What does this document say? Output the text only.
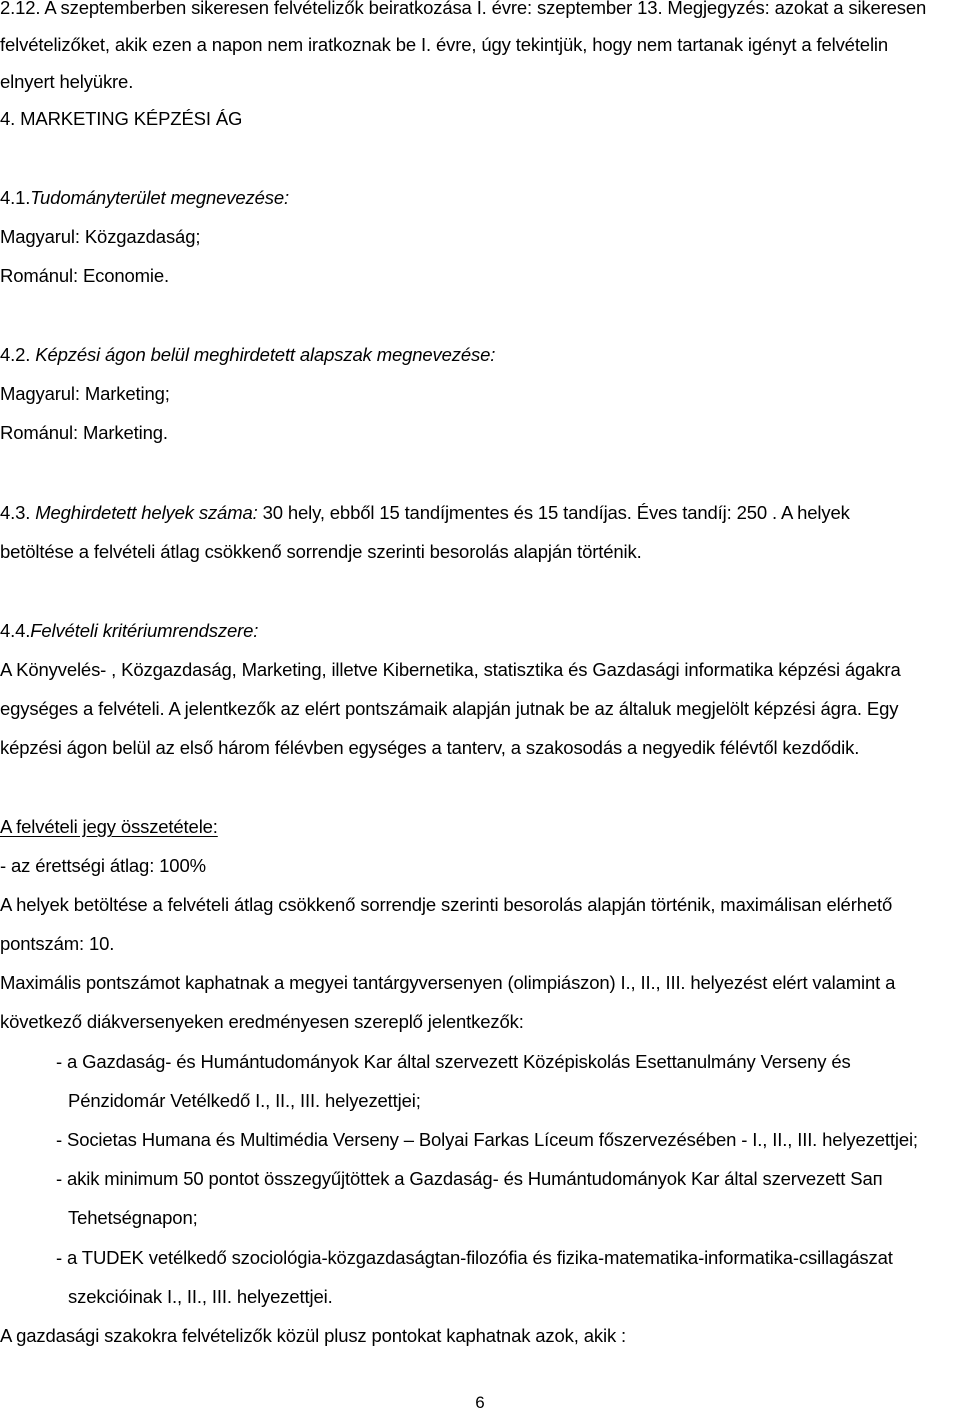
2.12. A szeptemberben sikeresen felvételizők beiratkozása I. évre: szeptember 13. Megjegyzés: azokat a sikeresen

felvételizőket, akik ezen a napon nem iratkoznak be I. évre, úgy tekintjük, hogy nem tartanak igényt a felvételin

elnyert helyükre.

4. MARKETING KÉPZÉSI ÁG

4.1.Tudományterület megnevezése:

Magyarul: Közgazdaság;

Románul: Economie.

4.2. Képzési ágon belül meghirdetett alapszak megnevezése:

Magyarul: Marketing;

Románul: Marketing.

4.3. Meghirdetett helyek száma: 30 hely, ebből 15 tandíjmentes és 15 tandíjas. Éves tandíj: 250 . A helyek

betöltése a felvételi átlag csökkenő sorrendje szerinti besorolás alapján történik.

4.4.Felvételi kritériumrendszere:

A Könyvelés- , Közgazdaság, Marketing, illetve Kibernetika, statisztika és Gazdasági informatika képzési ágakra

egységes a felvételi. A jelentkezők az elért pontszámaik alapján jutnak be az általuk megjelölt képzési ágra. Egy

képzési ágon belül az első három félévben egységes a tanterv, a szakosodás a negyedik félévtől kezdődik.

A felvételi jegy összetétele:

- az érettségi átlag: 100%

A helyek betöltése a felvételi átlag csökkenő sorrendje szerinti besorolás alapján történik, maximálisan elérhető

pontszám: 10.

Maximális pontszámot kaphatnak a megyei tantárgyversenyen (olimpiászon) I., II., III. helyezést elért valamint a

következő diákversenyeken eredményesen szereplő jelentkezők:

- a Gazdaság- és Humántudományok Kar által szervezett Középiskolás Esettanulmány Verseny és

Pénzidomár Vetélkedő I., II., III. helyezettjei;

- Societas Humana és Multimédia Verseny – Bolyai Farkas Líceum főszervezésében - I., II., III. helyezettjei;

- akik minimum 50 pontot összegyűjtöttek a Gazdaság- és Humántudományok Kar által szervezett Saп

Tehetségnapon;

- a TUDEK vetélkedő szociológia-közgazdaságtan-filozófia és fizika-matematika-informatika-csillagászat

szekcióinak I., II., III. helyezettjei.

A gazdasági szakokra felvételizők közül plusz pontokat kaphatnak azok, akik :

6
